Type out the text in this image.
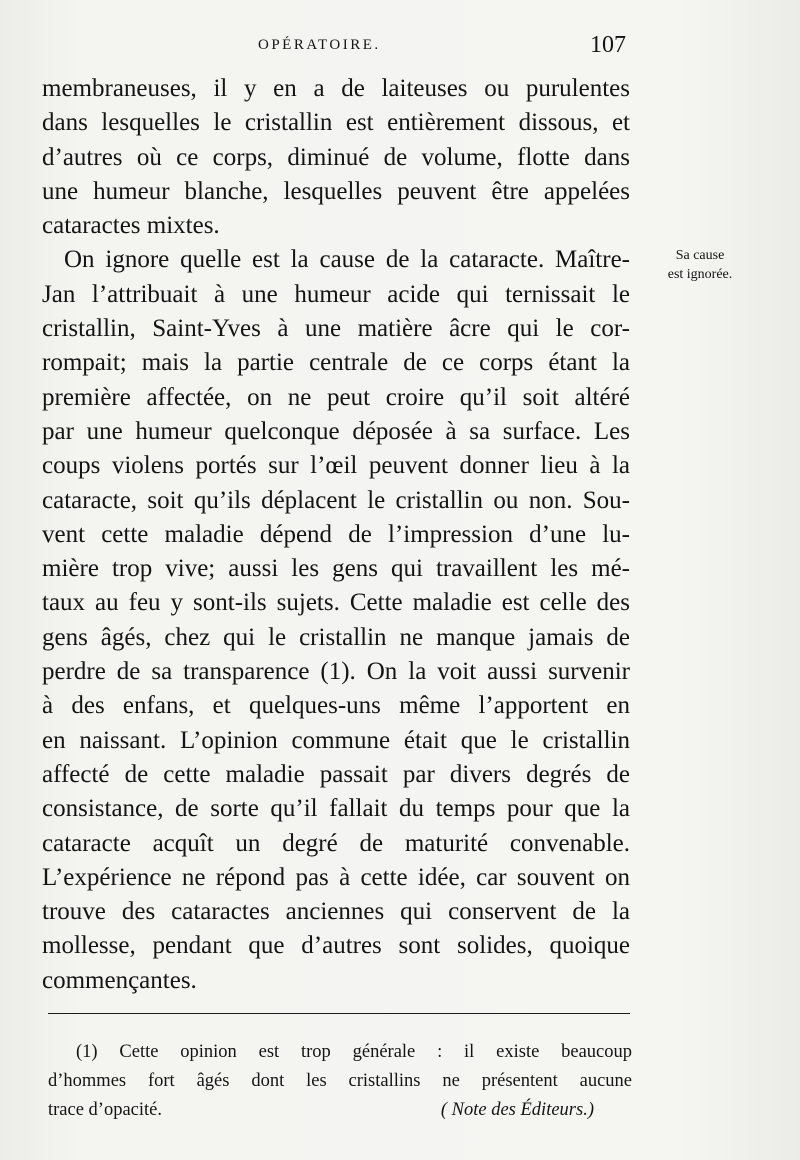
OPÉRATOIRE.	107
membraneuses, il y en a de laiteuses ou purulentes
dans lesquelles le cristallin est entièrement dissous, et
d’autres où ce corps, diminué de volume, flotte dans
une humeur blanche, lesquelles peuvent être appelées
cataractes mixtes.
On ignore quelle est la cause de la cataracte. Maître-
Jan l’attribuait à une humeur acide qui ternissait le
cristallin, Saint-Yves à une matière âcre qui le cor-
rompait; mais la partie centrale de ce corps étant la
première affectée, on ne peut croire qu’il soit altéré
par une humeur quelconque déposée à sa surface. Les
coups violens portés sur l’œil peuvent donner lieu à la
cataracte, soit qu’ils déplacent le cristallin ou non. Sou-
vent cette maladie dépend de l’impression d’une lu-
mière trop vive; aussi les gens qui travaillent les mé-
taux au feu y sont-ils sujets. Cette maladie est celle des
gens âgés, chez qui le cristallin ne manque jamais de
perdre de sa transparence (1). On la voit aussi survenir
à des enfans, et quelques-uns même l’apportent en
en naissant. L’opinion commune était que le cristallin
affecté de cette maladie passait par divers degrés de
consistance, de sorte qu’il fallait du temps pour que la
cataracte acquît un degré de maturité convenable.
L’expérience ne répond pas à cette idée, car souvent on
trouve des cataractes anciennes qui conservent de la
mollesse, pendant que d’autres sont solides, quoique
commençantes.
Sa cause
est ignorée.
(1) Cette opinion est trop générale : il existe beaucoup
d’hommes fort âgés dont les cristallins ne présentent aucune
trace d’opacité.	( Note des Éditeurs.)
